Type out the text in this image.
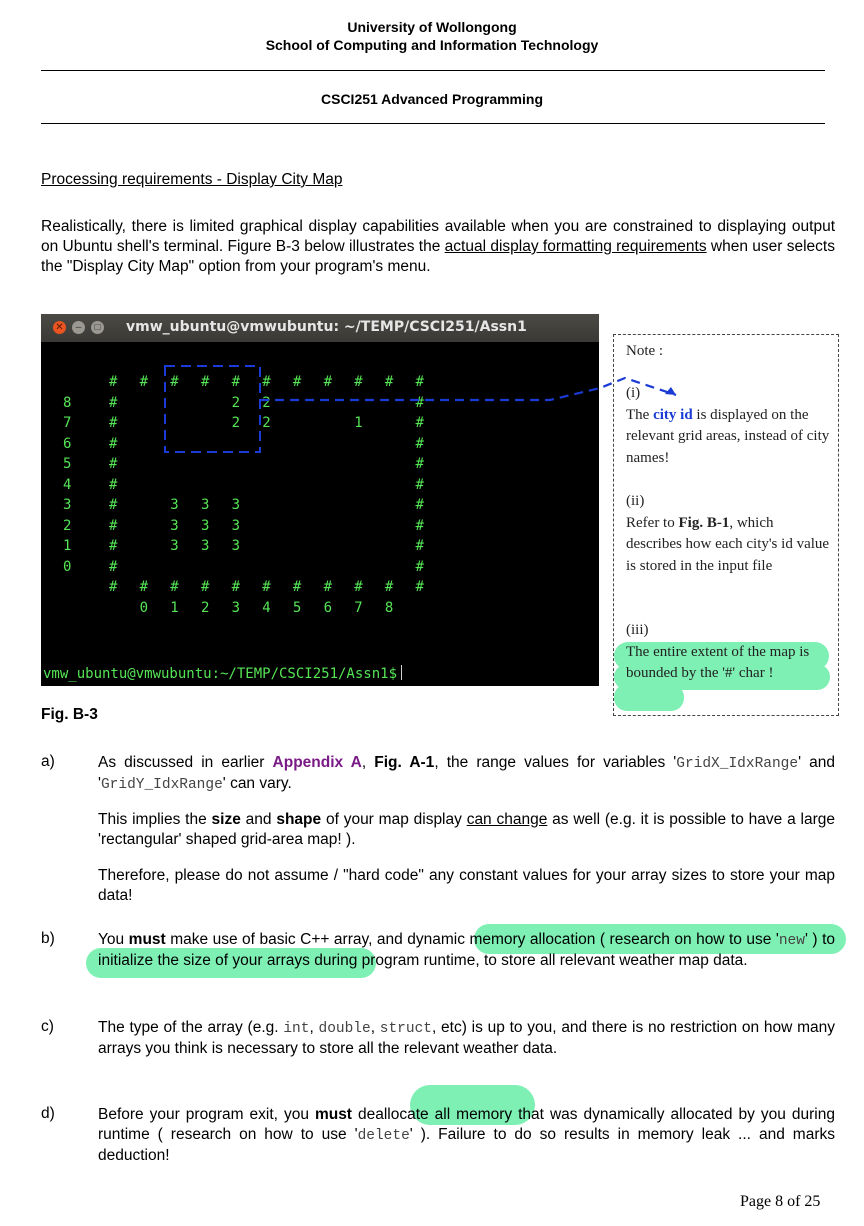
University of Wollongong
School of Computing and Information Technology
CSCI251 Advanced Programming
Processing requirements - Display City Map
Realistically, there is limited graphical display capabilities available when you are constrained to displaying output on Ubuntu shell's terminal. Figure B-3 below illustrates the actual display formatting requirements when user selects the "Display City Map" option from your program's menu.
✕	–	□ vmw_ubuntu@vmwubuntu: ~/TEMP/CSCI251/Assn1
# # # # # # # # # # #
8  #       2 2         #
7  #       2 2     1   #
6  #                   #
5  #                   #
4  #                   #
3  #   3 3 3           #
2  #   3 3 3           #
1  #   3 3 3           #
0  #                   #
# # # # # # # # # # #
0 1 2 3 4 5 6 7 8
vmw_ubuntu@vmwubuntu:~/TEMP/CSCI251/Assn1$
Note :
(i)
The city id is displayed on the relevant grid areas, instead of city names!
(ii)
Refer to Fig. B-1, which describes how each city's id value is stored in the input file
(iii)
The entire extent of the map is bounded by the '#' char !
Fig. B-3
a)	As discussed in earlier Appendix A, Fig. A-1, the range values for variables 'GridX_IdxRange' and 'GridY_IdxRange' can vary.
This implies the size and shape of your map display can change as well (e.g. it is possible to have a large 'rectangular' shaped grid-area map! ).
Therefore, please do not assume / "hard code" any constant values for your array sizes to store your map data!
b)	You must make use of basic C++ array, and dynamic memory allocation ( research on how to use 'new' ) to initialize the size of your arrays during program runtime, to store all relevant weather map data.
c)	The type of the array (e.g. int, double, struct, etc) is up to you, and there is no restriction on how many arrays you think is necessary to store all the relevant weather data.
d)	Before your program exit, you must deallocate all memory that was dynamically allocated by you during runtime ( research on how to use 'delete' ). Failure to do so results in memory leak ... and marks deduction!
Page 8 of 25
